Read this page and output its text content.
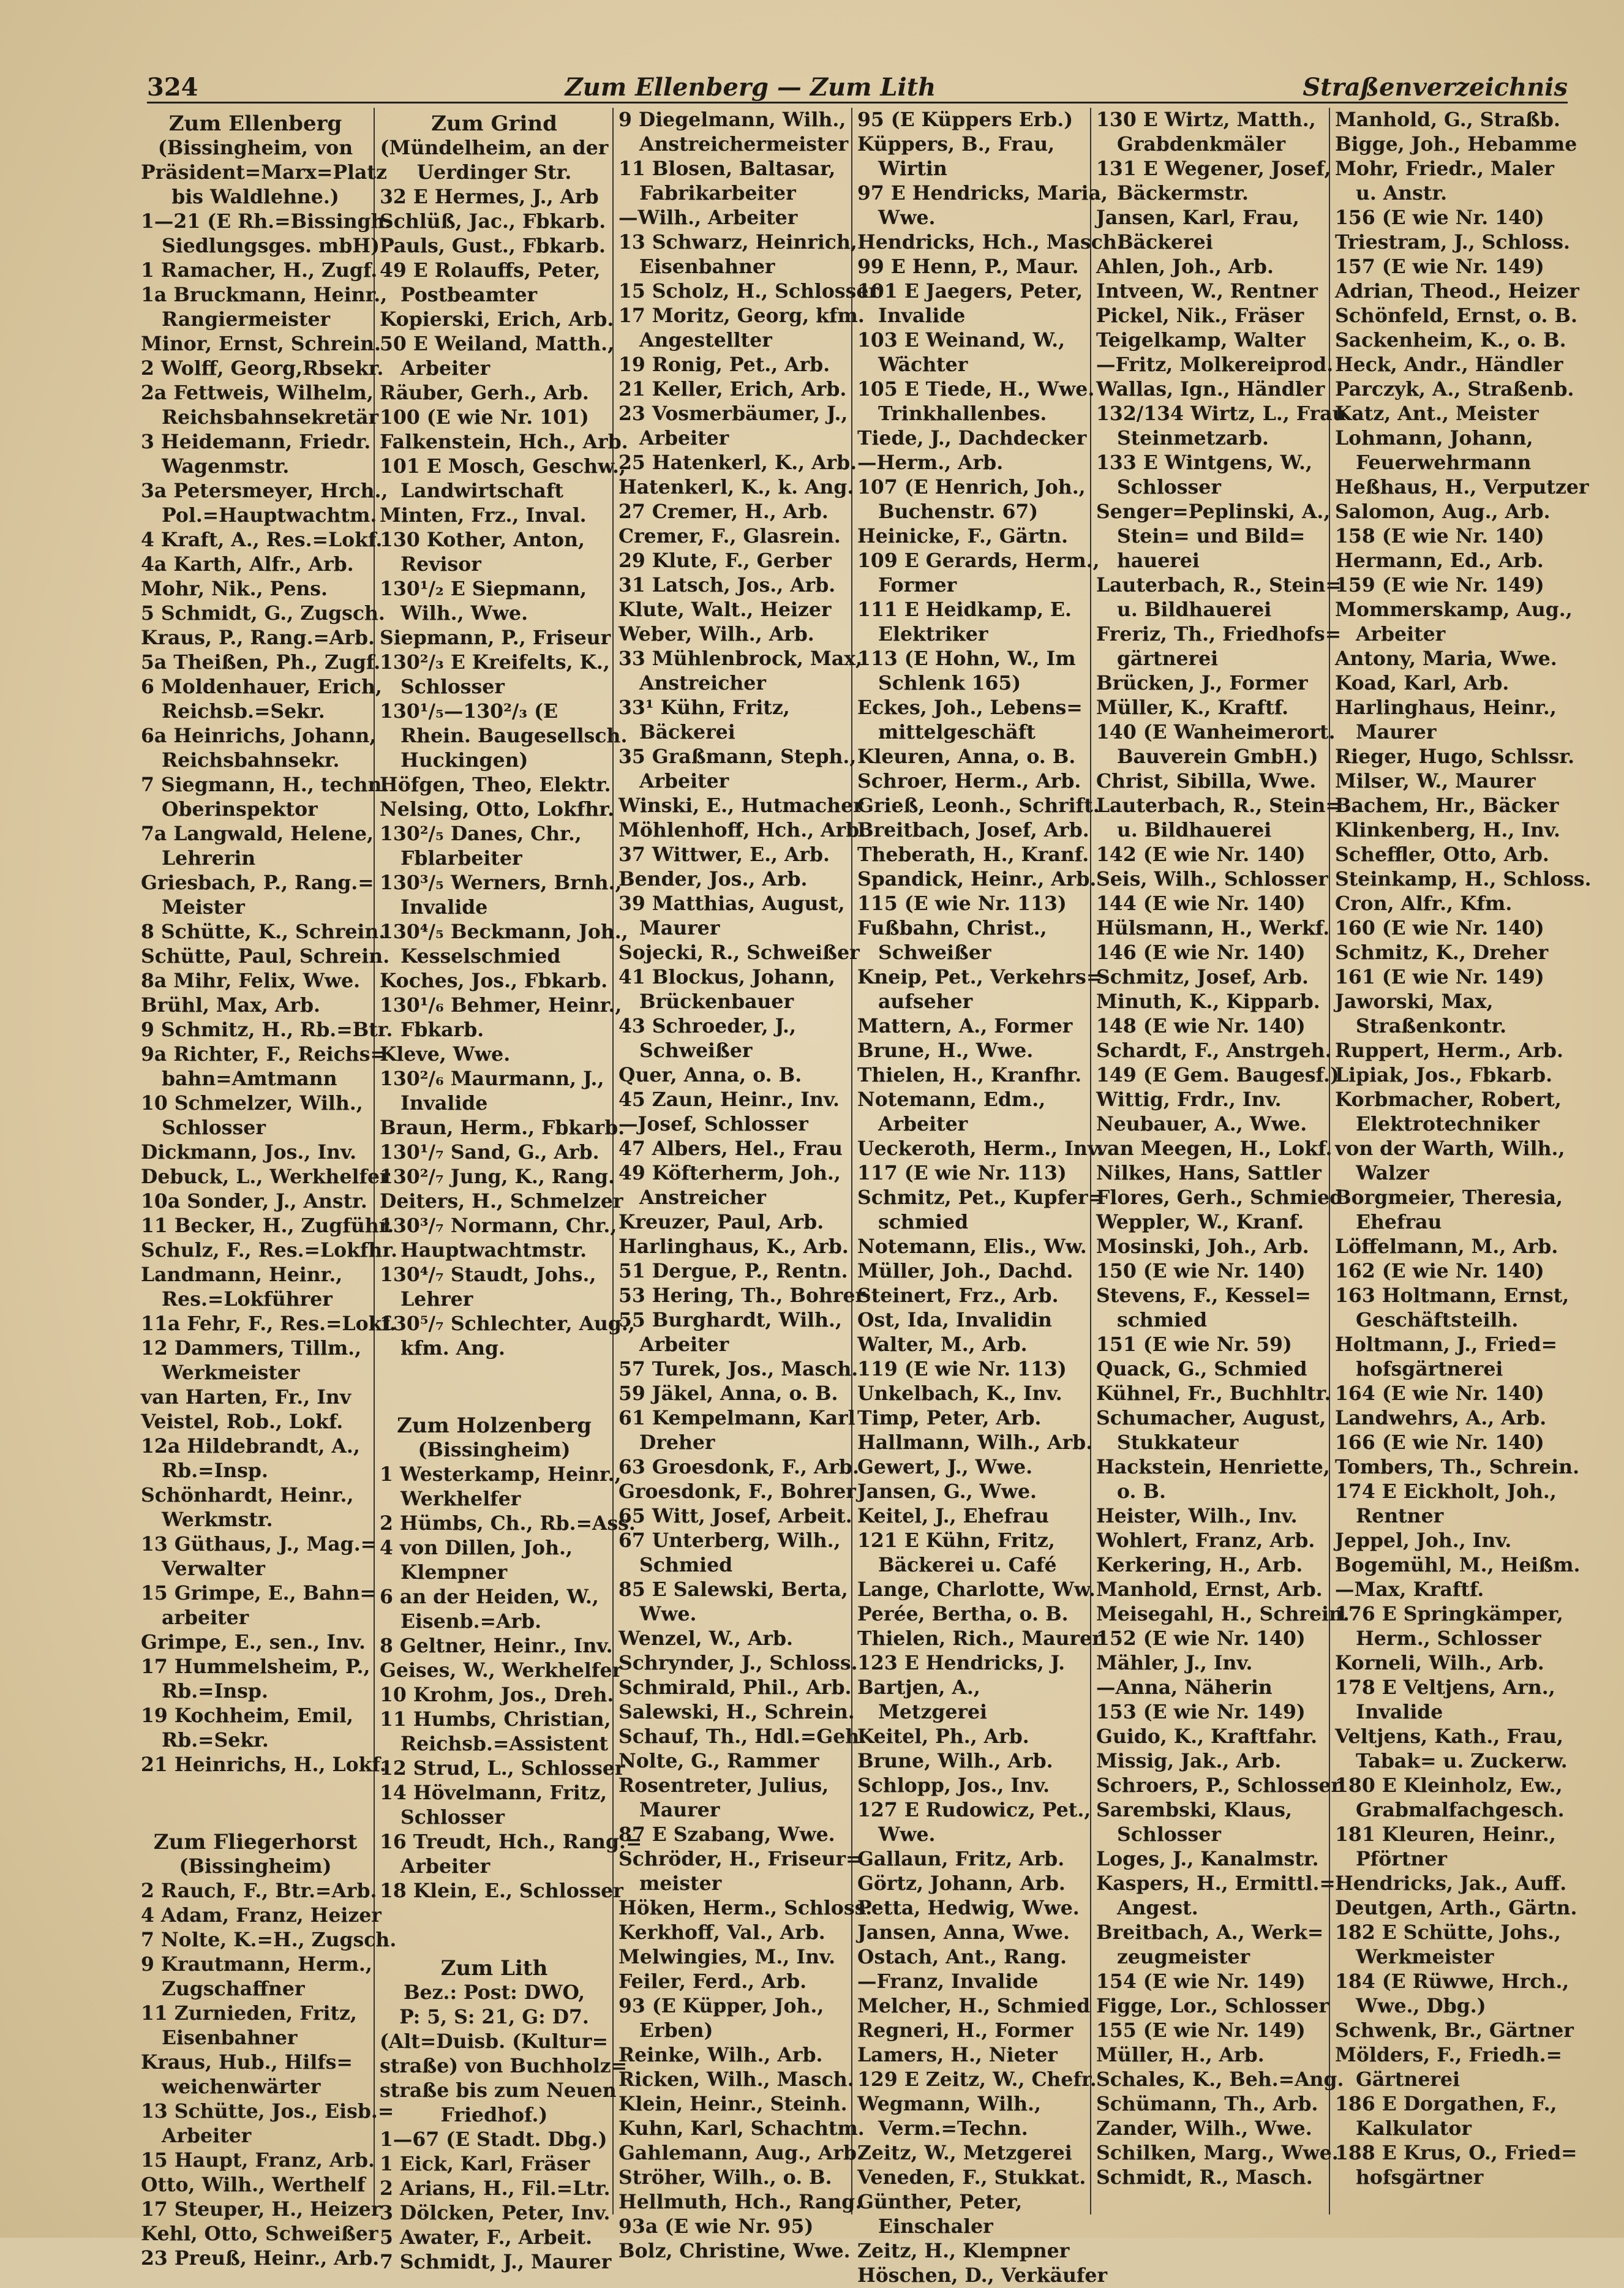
324	Zum Ellenberg — Zum Lith	Straßenverzeichnis
Zum Ellenberg
(Bissingheim, von
Präsident=Marx=Platz
bis Waldlehne.)
1—21 (E Rh.=Bissingh.
Siedlungsges. mbH)
1 Ramacher, H., Zugf.
1a Bruckmann, Heinr.,
Rangiermeister
Minor, Ernst, Schrein.
2 Wolff, Georg,Rbsekr.
2a Fettweis, Wilhelm,
Reichsbahnsekretär
3 Heidemann, Friedr.
Wagenmstr.
3a Petersmeyer, Hrch.,
Pol.=Hauptwachtm.
4 Kraft, A., Res.=Lokf.
4a Karth, Alfr., Arb.
Mohr, Nik., Pens.
5 Schmidt, G., Zugsch.
Kraus, P., Rang.=Arb.
5a Theißen, Ph., Zugf.
6 Moldenhauer, Erich,
Reichsb.=Sekr.
6a Heinrichs, Johann,
Reichsbahnsekr.
7 Siegmann, H., techn.
Oberinspektor
7a Langwald, Helene,
Lehrerin
Griesbach, P., Rang.=
Meister
8 Schütte, K., Schrein.
Schütte, Paul, Schrein.
8a Mihr, Felix, Wwe.
Brühl, Max, Arb.
9 Schmitz, H., Rb.=Btr.
9a Richter, F., Reichs=
bahn=Amtmann
10 Schmelzer, Wilh.,
Schlosser
Dickmann, Jos., Inv.
Debuck, L., Werkhelfer
10a Sonder, J., Anstr.
11 Becker, H., Zugführ.
Schulz, F., Res.=Lokfhr.
Landmann, Heinr.,
Res.=Lokführer
11a Fehr, F., Res.=Lokf.
12 Dammers, Tillm.,
Werkmeister
van Harten, Fr., Inv
Veistel, Rob., Lokf.
12a Hildebrandt, A.,
Rb.=Insp.
Schönhardt, Heinr.,
Werkmstr.
13 Güthaus, J., Mag.=
Verwalter
15 Grimpe, E., Bahn=
arbeiter
Grimpe, E., sen., Inv.
17 Hummelsheim, P.,
Rb.=Insp.
19 Kochheim, Emil,
Rb.=Sekr.
21 Heinrichs, H., Lokf.
Zum Fliegerhorst
(Bissingheim)
2 Rauch, F., Btr.=Arb.
4 Adam, Franz, Heizer
7 Nolte, K.=H., Zugsch.
9 Krautmann, Herm.,
Zugschaffner
11 Zurnieden, Fritz,
Eisenbahner
Kraus, Hub., Hilfs=
weichenwärter
13 Schütte, Jos., Eisb.=
Arbeiter
15 Haupt, Franz, Arb.
Otto, Wilh., Werthelf
17 Steuper, H., Heizer
Kehl, Otto, Schweißer
23 Preuß, Heinr., Arb.
Zum Grind
(Mündelheim, an der
Uerdinger Str.
32 E Hermes, J., Arb
Schlüß, Jac., Fbkarb.
Pauls, Gust., Fbkarb.
49 E Rolauffs, Peter,
Postbeamter
Kopierski, Erich, Arb.
50 E Weiland, Matth.,
Arbeiter
Räuber, Gerh., Arb.
100 (E wie Nr. 101)
Falkenstein, Hch., Arb.
101 E Mosch, Geschw.,
Landwirtschaft
Minten, Frz., Inval.
130 Kother, Anton,
Revisor
130¹/₂ E Siepmann,
Wilh., Wwe.
Siepmann, P., Friseur
130²/₃ E Kreifelts, K.,
Schlosser
130¹/₅—130²/₃ (E
Rhein. Baugesellsch.
Huckingen)
Höfgen, Theo, Elektr.
Nelsing, Otto, Lokfhr.
130²/₅ Danes, Chr.,
Fblarbeiter
130³/₅ Werners, Brnh.,
Invalide
130⁴/₅ Beckmann, Joh.,
Kesselschmied
Koches, Jos., Fbkarb.
130¹/₆ Behmer, Heinr.,
Fbkarb.
Kleve, Wwe.
130²/₆ Maurmann, J.,
Invalide
Braun, Herm., Fbkarb.
130¹/₇ Sand, G., Arb.
130²/₇ Jung, K., Rang.
Deiters, H., Schmelzer
130³/₇ Normann, Chr.,
Hauptwachtmstr.
130⁴/₇ Staudt, Johs.,
Lehrer
130⁵/₇ Schlechter, Aug.,
kfm. Ang.
Zum Holzenberg
(Bissingheim)
1 Westerkamp, Heinr.,
Werkhelfer
2 Hümbs, Ch., Rb.=Ass.
4 von Dillen, Joh.,
Klempner
6 an der Heiden, W.,
Eisenb.=Arb.
8 Geltner, Heinr., Inv.
Geises, W., Werkhelfer
10 Krohm, Jos., Dreh.
11 Humbs, Christian,
Reichsb.=Assistent
12 Strud, L., Schlosser
14 Hövelmann, Fritz,
Schlosser
16 Treudt, Hch., Rang.=
Arbeiter
18 Klein, E., Schlosser
Zum Lith
Bez.: Post: DWO,
P: 5, S: 21, G: D7.
(Alt=Duisb. (Kultur=
straße) von Buchholz=
straße bis zum Neuen
Friedhof.)
1—67 (E Stadt. Dbg.)
1 Eick, Karl, Fräser
2 Arians, H., Fil.=Ltr.
3 Dölcken, Peter, Inv.
5 Awater, F., Arbeit.
7 Schmidt, J., Maurer
9 Diegelmann, Wilh.,
Anstreichermeister
11 Blosen, Baltasar,
Fabrikarbeiter
—Wilh., Arbeiter
13 Schwarz, Heinrich,
Eisenbahner
15 Scholz, H., Schlosser
17 Moritz, Georg, kfm.
Angestellter
19 Ronig, Pet., Arb.
21 Keller, Erich, Arb.
23 Vosmerbäumer, J.,
Arbeiter
25 Hatenkerl, K., Arb.
Hatenkerl, K., k. Ang.
27 Cremer, H., Arb.
Cremer, F., Glasrein.
29 Klute, F., Gerber
31 Latsch, Jos., Arb.
Klute, Walt., Heizer
Weber, Wilh., Arb.
33 Mühlenbrock, Max,
Anstreicher
33¹ Kühn, Fritz,
Bäckerei
35 Graßmann, Steph.,
Arbeiter
Winski, E., Hutmacher
Möhlenhoff, Hch., Arb.
37 Wittwer, E., Arb.
Bender, Jos., Arb.
39 Matthias, August,
Maurer
Sojecki, R., Schweißer
41 Blockus, Johann,
Brückenbauer
43 Schroeder, J.,
Schweißer
Quer, Anna, o. B.
45 Zaun, Heinr., Inv.
—Josef, Schlosser
47 Albers, Hel., Frau
49 Köfterherm, Joh.,
Anstreicher
Kreuzer, Paul, Arb.
Harlinghaus, K., Arb.
51 Dergue, P., Rentn.
53 Hering, Th., Bohrer
55 Burghardt, Wilh.,
Arbeiter
57 Turek, Jos., Masch.
59 Jäkel, Anna, o. B.
61 Kempelmann, Karl
Dreher
63 Groesdonk, F., Arb.
Groesdonk, F., Bohrer
65 Witt, Josef, Arbeit.
67 Unterberg, Wilh.,
Schmied
85 E Salewski, Berta,
Wwe.
Wenzel, W., Arb.
Schrynder, J., Schloss.
Schmirald, Phil., Arb.
Salewski, H., Schrein.
Schauf, Th., Hdl.=Geh.
Nolte, G., Rammer
Rosentreter, Julius,
Maurer
87 E Szabang, Wwe.
Schröder, H., Friseur=
meister
Höken, Herm., Schloss.
Kerkhoff, Val., Arb.
Melwingies, M., Inv.
Feiler, Ferd., Arb.
93 (E Küpper, Joh.,
Erben)
Reinke, Wilh., Arb.
Ricken, Wilh., Masch.
Klein, Heinr., Steinh.
Kuhn, Karl, Schachtm.
Gahlemann, Aug., Arb.
Ströher, Wilh., o. B.
Hellmuth, Hch., Rang.
93a (E wie Nr. 95)
Bolz, Christine, Wwe.
95 (E Küppers Erb.)
Küppers, B., Frau,
Wirtin
97 E Hendricks, Maria,
Wwe.
Hendricks, Hch., Masch.
99 E Henn, P., Maur.
101 E Jaegers, Peter,
Invalide
103 E Weinand, W.,
Wächter
105 E Tiede, H., Wwe.
Trinkhallenbes.
Tiede, J., Dachdecker
—Herm., Arb.
107 (E Henrich, Joh.,
Buchenstr. 67)
Heinicke, F., Gärtn.
109 E Gerards, Herm.,
Former
111 E Heidkamp, E.
Elektriker
113 (E Hohn, W., Im
Schlenk 165)
Eckes, Joh., Lebens=
mittelgeschäft
Kleuren, Anna, o. B.
Schroer, Herm., Arb.
Grieß, Leonh., Schrift.
Breitbach, Josef, Arb.
Theberath, H., Kranf.
Spandick, Heinr., Arb.
115 (E wie Nr. 113)
Fußbahn, Christ.,
Schweißer
Kneip, Pet., Verkehrs=
aufseher
Mattern, A., Former
Brune, H., Wwe.
Thielen, H., Kranfhr.
Notemann, Edm.,
Arbeiter
Ueckeroth, Herm., Inv.
117 (E wie Nr. 113)
Schmitz, Pet., Kupfer=
schmied
Notemann, Elis., Ww.
Müller, Joh., Dachd.
Steinert, Frz., Arb.
Ost, Ida, Invalidin
Walter, M., Arb.
119 (E wie Nr. 113)
Unkelbach, K., Inv.
Timp, Peter, Arb.
Hallmann, Wilh., Arb.
Gewert, J., Wwe.
Jansen, G., Wwe.
Keitel, J., Ehefrau
121 E Kühn, Fritz,
Bäckerei u. Café
Lange, Charlotte, Ww.
Perée, Bertha, o. B.
Thielen, Rich., Maurer
123 E Hendricks, J.
Bartjen, A.,
Metzgerei
Keitel, Ph., Arb.
Brune, Wilh., Arb.
Schlopp, Jos., Inv.
127 E Rudowicz, Pet.,
Wwe.
Gallaun, Fritz, Arb.
Görtz, Johann, Arb.
Petta, Hedwig, Wwe.
Jansen, Anna, Wwe.
Ostach, Ant., Rang.
—Franz, Invalide
Melcher, H., Schmied
Regneri, H., Former
Lamers, H., Nieter
129 E Zeitz, W., Chefr.
Wegmann, Wilh.,
Verm.=Techn.
Zeitz, W., Metzgerei
Veneden, F., Stukkat.
Günther, Peter,
Einschaler
Zeitz, H., Klempner
Höschen, D., Verkäufer
130 E Wirtz, Matth.,
Grabdenkmäler
131 E Wegener, Josef,
Bäckermstr.
Jansen, Karl, Frau,
Bäckerei
Ahlen, Joh., Arb.
Intveen, W., Rentner
Pickel, Nik., Fräser
Teigelkamp, Walter
—Fritz, Molkereiprod.
Wallas, Ign., Händler
132/134 Wirtz, L., Frau
Steinmetzarb.
133 E Wintgens, W.,
Schlosser
Senger=Peplinski, A.,
Stein= und Bild=
hauerei
Lauterbach, R., Stein=
u. Bildhauerei
Freriz, Th., Friedhofs=
gärtnerei
Brücken, J., Former
Müller, K., Kraftf.
140 (E Wanheimerort.
Bauverein GmbH.)
Christ, Sibilla, Wwe.
Lauterbach, R., Stein=
u. Bildhauerei
142 (E wie Nr. 140)
Seis, Wilh., Schlosser
144 (E wie Nr. 140)
Hülsmann, H., Werkf.
146 (E wie Nr. 140)
Schmitz, Josef, Arb.
Minuth, K., Kipparb.
148 (E wie Nr. 140)
Schardt, F., Anstrgeh.
149 (E Gem. Baugesf.)
Wittig, Frdr., Inv.
Neubauer, A., Wwe.
van Meegen, H., Lokf.
Nilkes, Hans, Sattler
Flores, Gerh., Schmied
Weppler, W., Kranf.
Mosinski, Joh., Arb.
150 (E wie Nr. 140)
Stevens, F., Kessel=
schmied
151 (E wie Nr. 59)
Quack, G., Schmied
Kühnel, Fr., Buchhltr.
Schumacher, August,
Stukkateur
Hackstein, Henriette,
o. B.
Heister, Wilh., Inv.
Wohlert, Franz, Arb.
Kerkering, H., Arb.
Manhold, Ernst, Arb.
Meisegahl, H., Schrein.
152 (E wie Nr. 140)
Mähler, J., Inv.
—Anna, Näherin
153 (E wie Nr. 149)
Guido, K., Kraftfahr.
Missig, Jak., Arb.
Schroers, P., Schlosser
Sarembski, Klaus,
Schlosser
Loges, J., Kanalmstr.
Kaspers, H., Ermittl.=
Angest.
Breitbach, A., Werk=
zeugmeister
154 (E wie Nr. 149)
Figge, Lor., Schlosser
155 (E wie Nr. 149)
Müller, H., Arb.
Schales, K., Beh.=Ang.
Schümann, Th., Arb.
Zander, Wilh., Wwe.
Schilken, Marg., Wwe.
Schmidt, R., Masch.
Manhold, G., Straßb.
Bigge, Joh., Hebamme
Mohr, Friedr., Maler
u. Anstr.
156 (E wie Nr. 140)
Triestram, J., Schloss.
157 (E wie Nr. 149)
Adrian, Theod., Heizer
Schönfeld, Ernst, o. B.
Sackenheim, K., o. B.
Heck, Andr., Händler
Parczyk, A., Straßenb.
Katz, Ant., Meister
Lohmann, Johann,
Feuerwehrmann
Heßhaus, H., Verputzer
Salomon, Aug., Arb.
158 (E wie Nr. 140)
Hermann, Ed., Arb.
159 (E wie Nr. 149)
Mommerskamp, Aug.,
Arbeiter
Antony, Maria, Wwe.
Koad, Karl, Arb.
Harlinghaus, Heinr.,
Maurer
Rieger, Hugo, Schlssr.
Milser, W., Maurer
Bachem, Hr., Bäcker
Klinkenberg, H., Inv.
Scheffler, Otto, Arb.
Steinkamp, H., Schloss.
Cron, Alfr., Kfm.
160 (E wie Nr. 140)
Schmitz, K., Dreher
161 (E wie Nr. 149)
Jaworski, Max,
Straßenkontr.
Ruppert, Herm., Arb.
Lipiak, Jos., Fbkarb.
Korbmacher, Robert,
Elektrotechniker
von der Warth, Wilh.,
Walzer
Borgmeier, Theresia,
Ehefrau
Löffelmann, M., Arb.
162 (E wie Nr. 140)
163 Holtmann, Ernst,
Geschäftsteilh.
Holtmann, J., Fried=
hofsgärtnerei
164 (E wie Nr. 140)
Landwehrs, A., Arb.
166 (E wie Nr. 140)
Tombers, Th., Schrein.
174 E Eickholt, Joh.,
Rentner
Jeppel, Joh., Inv.
Bogemühl, M., Heißm.
—Max, Kraftf.
176 E Springkämper,
Herm., Schlosser
Korneli, Wilh., Arb.
178 E Veltjens, Arn.,
Invalide
Veltjens, Kath., Frau,
Tabak= u. Zuckerw.
180 E Kleinholz, Ew.,
Grabmalfachgesch.
181 Kleuren, Heinr.,
Pförtner
Hendricks, Jak., Auff.
Deutgen, Arth., Gärtn.
182 E Schütte, Johs.,
Werkmeister
184 (E Rüwwe, Hrch.,
Wwe., Dbg.)
Schwenk, Br., Gärtner
Mölders, F., Friedh.=
Gärtnerei
186 E Dorgathen, F.,
Kalkulator
188 E Krus, O., Fried=
hofsgärtner
